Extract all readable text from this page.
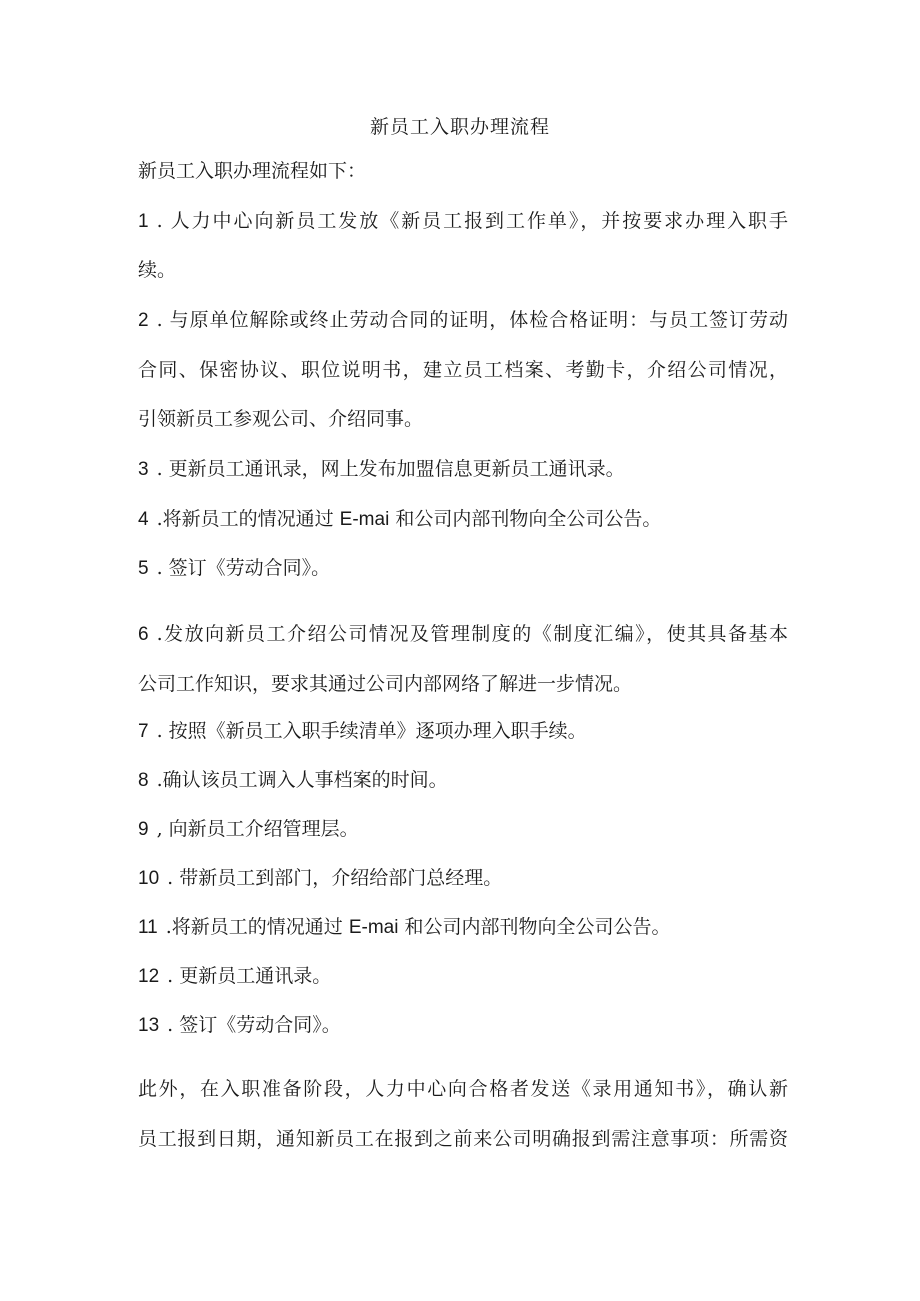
新员工入职办理流程
新员工入职办理流程如下：
1 . 人力中心向新员工发放《新员工报到工作单》，并按要求办理入职手
续。
2 . 与原单位解除或终止劳动合同的证明，体检合格证明：与员工签订劳动
合同、保密协议、职位说明书，建立员工档案、考勤卡，介绍公司情况，
引领新员工参观公司、介绍同事。
3 . 更新员工通讯录，网上发布加盟信息更新员工通讯录。
4 .将新员工的情况通过 E-mai 和公司内部刊物向全公司公告。
5 . 签订《劳动合同》。
6 .发放向新员工介绍公司情况及管理制度的《制度汇编》，使其具备基本
公司工作知识，要求其通过公司内部网络了解进一步情况。
7 . 按照《新员工入职手续清单》逐项办理入职手续。
8 .确认该员工调入人事档案的时间。
9 , 向新员工介绍管理层。
10 . 带新员工到部门，介绍给部门总经理。
11 .将新员工的情况通过 E-mai 和公司内部刊物向全公司公告。
12 . 更新员工通讯录。
13 . 签订《劳动合同》。
此外，在入职准备阶段，人力中心向合格者发送《录用通知书》，确认新
员工报到日期，通知新员工在报到之前来公司明确报到需注意事项：所需资
